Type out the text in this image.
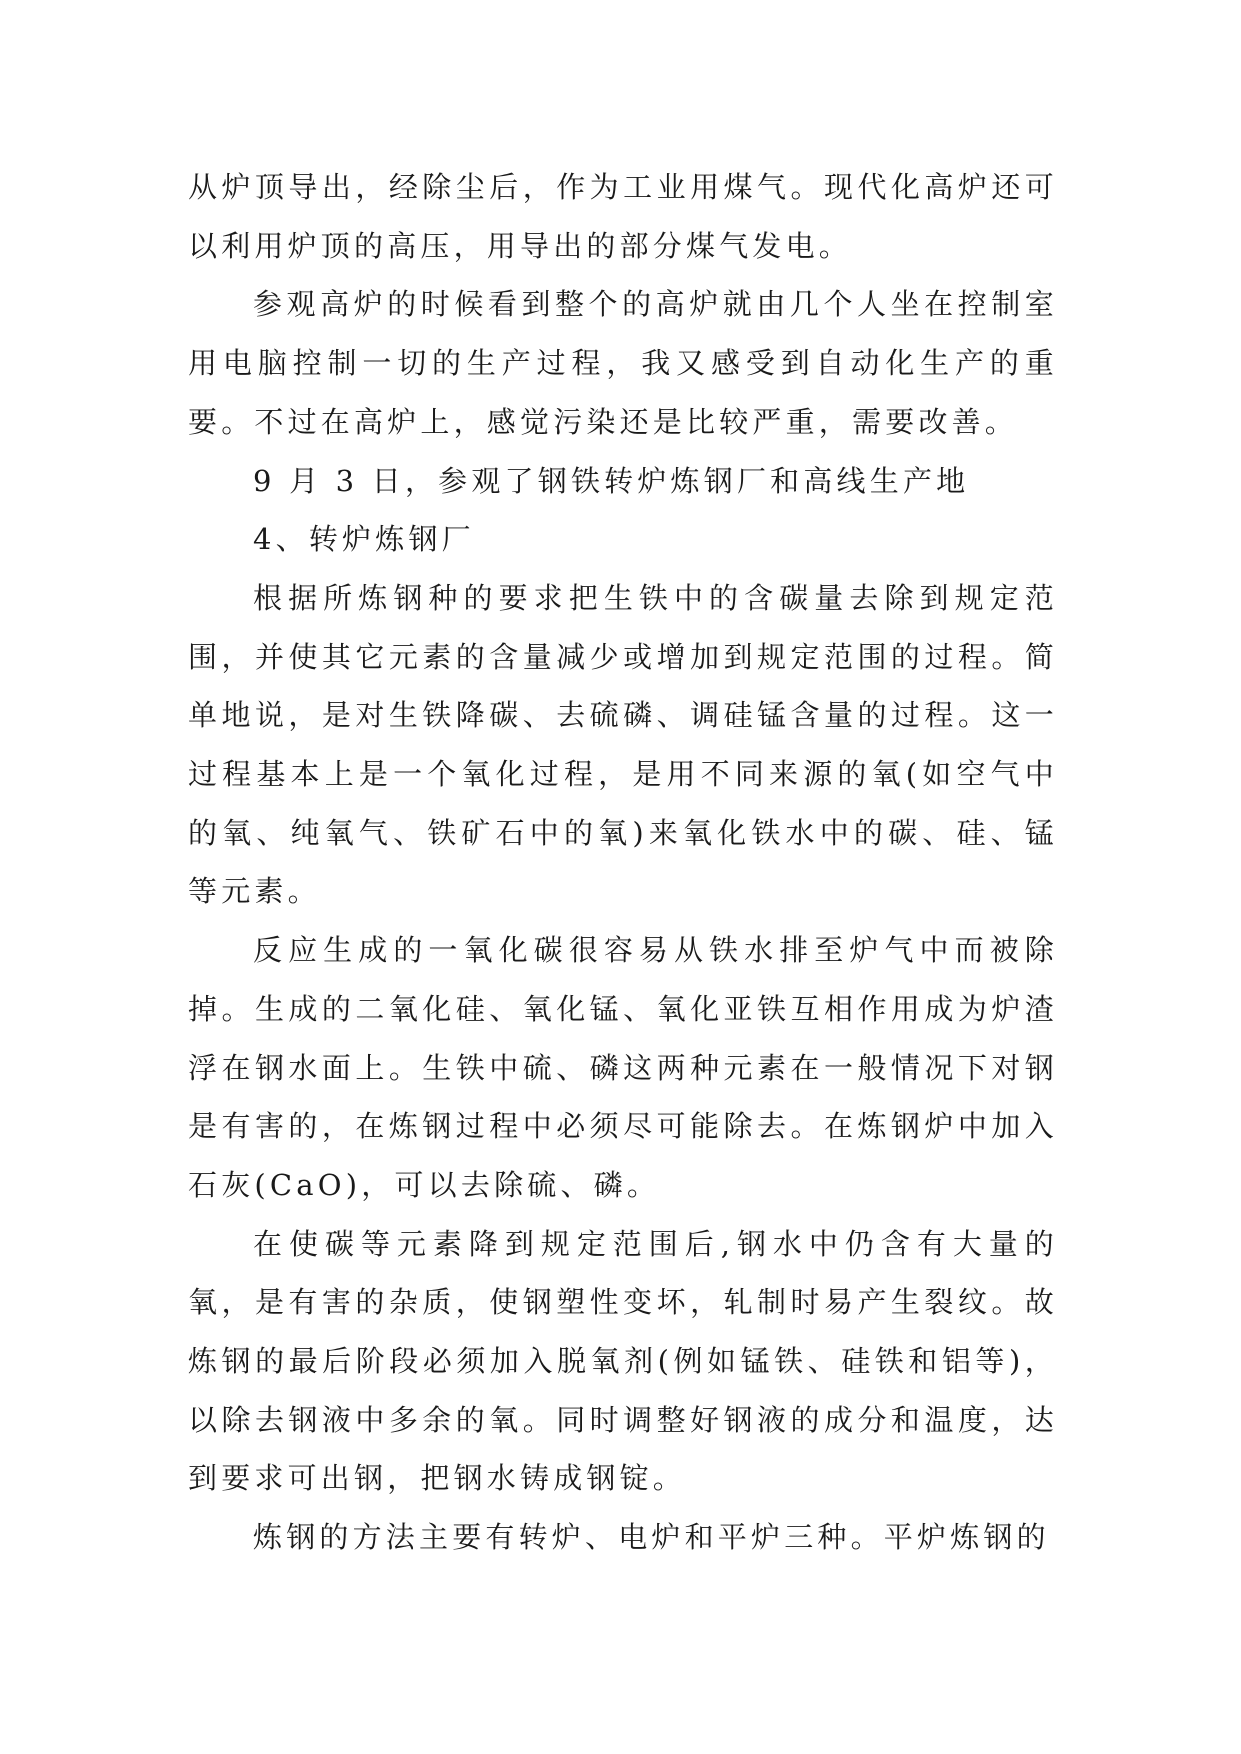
从炉顶导出，经除尘后，作为工业用煤气。现代化高炉还可以利用炉顶的高压，用导出的部分煤气发电。

参观高炉的时候看到整个的高炉就由几个人坐在控制室用电脑控制一切的生产过程，我又感受到自动化生产的重要。不过在高炉上，感觉污染还是比较严重，需要改善。

9 月 3 日，参观了钢铁转炉炼钢厂和高线生产地

4、转炉炼钢厂

根据所炼钢种的要求把生铁中的含碳量去除到规定范围，并使其它元素的含量减少或增加到规定范围的过程。简单地说，是对生铁降碳、去硫磷、调硅锰含量的过程。这一过程基本上是一个氧化过程，是用不同来源的氧(如空气中的氧、纯氧气、铁矿石中的氧)来氧化铁水中的碳、硅、锰等元素。

反应生成的一氧化碳很容易从铁水排至炉气中而被除掉。生成的二氧化硅、氧化锰、氧化亚铁互相作用成为炉渣浮在钢水面上。生铁中硫、磷这两种元素在一般情况下对钢是有害的，在炼钢过程中必须尽可能除去。在炼钢炉中加入石灰(CaO)，可以去除硫、磷。

在使碳等元素降到规定范围后,钢水中仍含有大量的氧，是有害的杂质，使钢塑性变坏，轧制时易产生裂纹。故炼钢的最后阶段必须加入脱氧剂(例如锰铁、硅铁和铝等)，以除去钢液中多余的氧。同时调整好钢液的成分和温度，达到要求可出钢，把钢水铸成钢锭。

炼钢的方法主要有转炉、电炉和平炉三种。平炉炼钢的
